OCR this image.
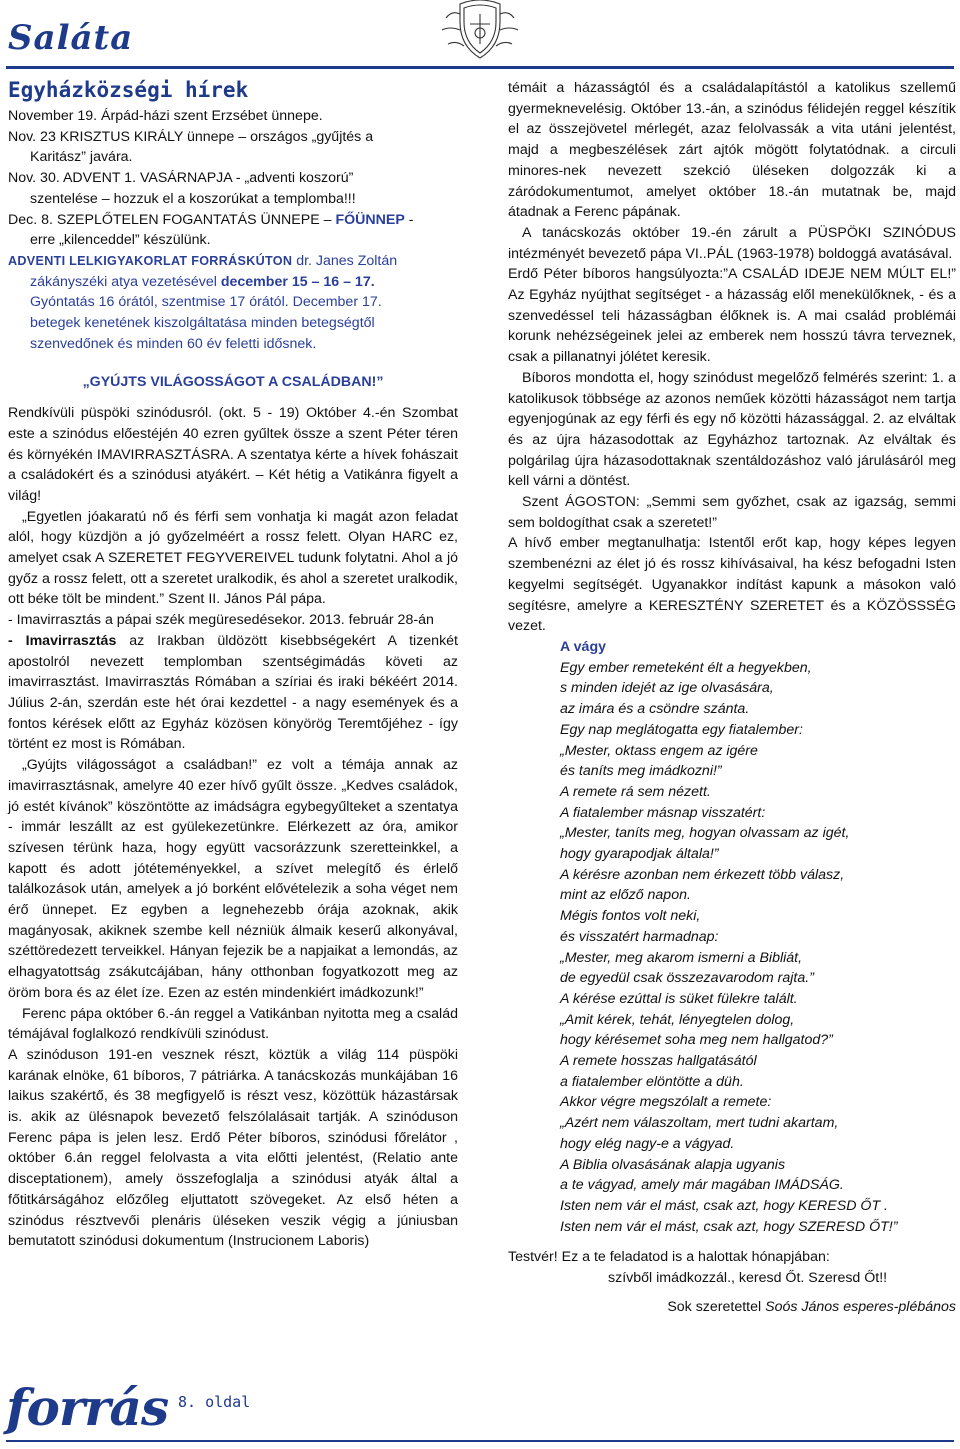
Saláta
Egyházközségi hírek

November 19. Árpád-házi szent Erzsébet ünnepe.

Nov. 23 KRISZTUS KIRÁLY ünnepe – országos „gyűjtés a

Karitász” javára.

Nov. 30. ADVENT 1. VASÁRNAPJA - „adventi koszorú”

szentelése – hozzuk el a koszorúkat a templomba!!!

Dec. 8. SZEPLŐTELEN FOGANTATÁS ÜNNEPE – FŐÜNNEP -

erre „kilenceddel” készülünk.

ADVENTI LELKIGYAKORLAT FORRÁSKÚTON dr. Janes Zoltán

zákányszéki atya vezetésével december 15 – 16 – 17.

Gyóntatás 16 órától, szentmise 17 órától. December 17.

betegek kenetének kiszolgáltatása minden betegségtől

szenvedőnek és minden 60 év feletti idősnek.

„GYÚJTS VILÁGOSSÁGOT A CSALÁDBAN!”

Rendkívüli püspöki szinódusról. (okt. 5 - 19) Október 4.-én Szombat este a szinódus előestéjén 40 ezren gyűltek össze a szent Péter téren és környékén IMAVIRRASZTÁSRA. A szentatya kérte a hívek fohászait a családokért és a szinódusi atyákért. – Két hétig a Vatikánra figyelt a világ!

„Egyetlen jóakaratú nő és férfi sem vonhatja ki magát azon feladat alól, hogy küzdjön a jó győzelméért a rossz felett. Olyan HARC ez, amelyet csak A SZERETET FEGYVEREIVEL tudunk folytatni. Ahol a jó győz a rossz felett, ott a szeretet uralkodik, és ahol a szeretet uralkodik, ott béke tölt be mindent.” Szent II. János Pál pápa.

- Imavirrasztás a pápai szék megüresedésekor. 2013. február 28-án

- Imavirrasztás az Irakban üldözött kisebbségekért A tizenkét apostolról nevezett templomban szentségimádás követi az imavirrasztást. Imavirrasztás Rómában a szíriai és iraki békéért 2014. Július 2-án, szerdán este hét órai kezdettel - a nagy események és a fontos kérések előtt az Egyház közösen könyörög Teremtőjéhez - így történt ez most is Rómában.

„Gyújts világosságot a családban!” ez volt a témája annak az imavirrasztásnak, amelyre 40 ezer hívő gyűlt össze. „Kedves családok, jó estét kívánok” köszöntötte az imádságra egybegyűlteket a szentatya - immár leszállt az est gyülekezetünkre. Elérkezett az óra, amikor szívesen térünk haza, hogy együtt vacsorázzunk szeretteinkkel, a kapott és adott jótéteményekkel, a szívet melegítő és érlelő találkozások után, amelyek a jó borként elővételezik a soha véget nem érő ünnepet. Ez egyben a legnehezebb órája azoknak, akik magányosak, akiknek szembe kell nézniük álmaik keserű alkonyával, széttöredezett terveikkel. Hányan fejezik be a napjaikat a lemondás, az elhagyatottság zsákutcájában, hány otthonban fogyatkozott meg az öröm bora és az élet íze. Ezen az estén mindenkiért imádkozunk!”

Ferenc pápa október 6.-án reggel a Vatikánban nyitotta meg a család témájával foglalkozó rendkívüli szinódust.

A szinóduson 191-en vesznek részt, köztük a világ 114 püspöki karának elnöke, 61 bíboros, 7 pátriárka. A tanácskozás munkájában 16 laikus szakértő, és 38 megfigyelő is részt vesz, közöttük házastársak is. akik az ülésnapok bevezető felszólalásait tartják. A szinóduson Ferenc pápa is jelen lesz. Erdő Péter bíboros, szinódusi főrelátor , október 6.án reggel felolvasta a vita előtti jelentést, (Relatio ante disceptationem), amely összefoglalja a szinódusi atyák által a főtitkárságához előzőleg eljuttatott szövegeket. Az első héten a szinódus résztvevői plenáris üléseken veszik végig a júniusban bemutatott szinódusi dokumentum (Instrucionem Laboris)

témáit a házasságtól és a családalapítástól a katolikus szellemű gyermeknevelésig. Október 13.-án, a szinódus félidején reggel készítik el az összejövetel mérlegét, azaz felolvassák a vita utáni jelentést, majd a megbeszélések zárt ajtók mögött folytatódnak. a circuli minores-nek nevezett szekció üléseken dolgozzák ki a záródokumentumot, amelyet október 18.-án mutatnak be, majd átadnak a Ferenc pápának.

A tanácskozás október 19.-én zárult a PÜSPÖKI SZINÓDUS intézményét bevezető pápa VI..PÁL (1963-1978) boldoggá avatásával.

Erdő Péter bíboros hangsúlyozta:”A CSALÁD IDEJE NEM MÚLT EL!” Az Egyház nyújthat segítséget - a házasság elől menekülőknek, - és a szenvedéssel teli házasságban élőknek is. A mai család problémái korunk nehézségeinek jelei az emberek nem hosszú távra terveznek, csak a pillanatnyi jólétet keresik.

Bíboros mondotta el, hogy szinódust megelőző felmérés szerint: 1. a katolikusok többsége az azonos neműek közötti házasságot nem tartja egyenjogúnak az egy férfi és egy nő közötti házassággal. 2. az elváltak és az újra házasodottak az Egyházhoz tartoznak. Az elváltak és polgárilag újra házasodottaknak szentáldozáshoz való járulásáról meg kell várni a döntést.

Szent ÁGOSTON: „Semmi sem győzhet, csak az igazság, semmi sem boldogíthat csak a szeretet!”

A hívő ember megtanulhatja: Istentől erőt kap, hogy képes legyen szembenézni az élet jó és rossz kihívásaival, ha kész befogadni Isten kegyelmi segítségét. Ugyanakkor indítást kapunk a másokon való segítésre, amelyre a KERESZTÉNY SZERETET és a KÖZÖSSSÉG vezet.

A vágy

Egy ember remeteként élt a hegyekben,
s minden idejét az ige olvasására,
az imára és a csöndre szánta.
Egy nap meglátogatta egy fiatalember:
„Mester, oktass engem az igére
és taníts meg imádkozni!”
A remete rá sem nézett.
A fiatalember másnap visszatért:
„Mester, taníts meg, hogyan olvassam az igét,
hogy gyarapodjak általa!”
A kérésre azonban nem érkezett több válasz,
mint az előző napon.
Mégis fontos volt neki,
és visszatért harmadnap:
„Mester, meg akarom ismerni a Bibliát,
de egyedül csak összezavarodom rajta.”
A kérése ezúttal is süket fülekre talált.
„Amit kérek, tehát, lényegtelen dolog,
hogy kérésemet soha meg nem hallgatod?”
A remete hosszas hallgatásától
a fiatalember elöntötte a düh.
Akkor végre megszólalt a remete:
„Azért nem válaszoltam, mert tudni akartam,
hogy elég nagy-e a vágyad.
A Biblia olvasásának alapja ugyanis
a te vágyad, amely már magában IMÁDSÁG.
Isten nem vár el mást, csak azt, hogy KERESD ŐT .
Isten nem vár el mást, csak azt, hogy SZERESD ŐT!”

Testvér! Ez a te feladatod is a halottak hónapjában:

szívből imádkozzál., keresd Őt. Szeresd Őt!!

Sok szeretettel Soós János esperes-plébános

forrás 8. oldal
